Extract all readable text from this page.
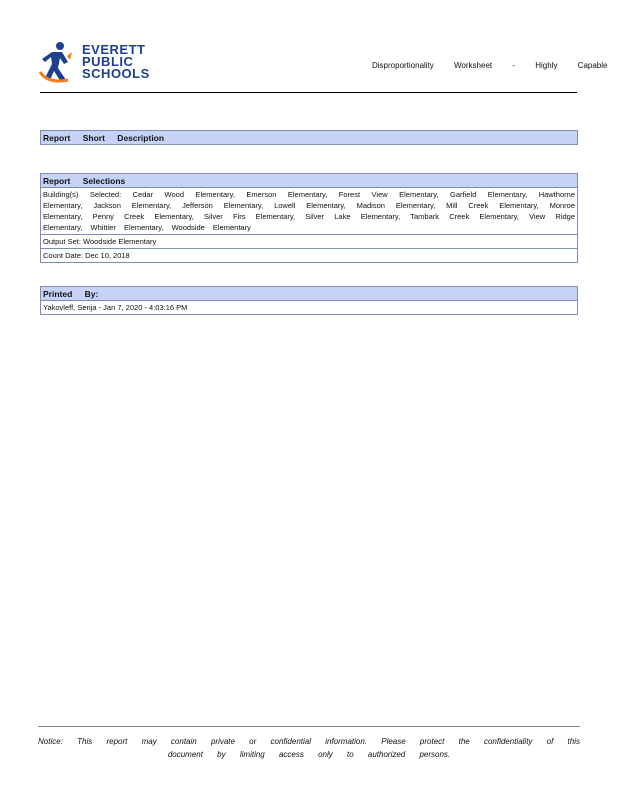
EVERETT
PUBLIC
SCHOOLS
Disproportionality Worksheet - Highly Capable
Report Short Description
Report Selections
Building(s) Selected: Cedar Wood Elementary, Emerson Elementary, Forest View Elementary, Garfield Elementary, Hawthorne Elementary, Jackson Elementary, Jefferson Elementary, Lowell Elementary, Madison Elementary, Mill Creek Elementary, Monroe Elementary, Penny Creek Elementary, Silver Firs Elementary, Silver Lake Elementary, Tambark Creek Elementary, View Ridge Elementary, Whittier Elementary, Woodside Elementary
Output Set: Woodside Elementary
Count Date: Dec 10, 2018
Printed By:
Yakovleff, Senja - Jan 7, 2020 - 4:03:16 PM
Notice: This report may contain private or confidential information. Please protect the confidentiality of this document by limiting access only to authorized persons.
